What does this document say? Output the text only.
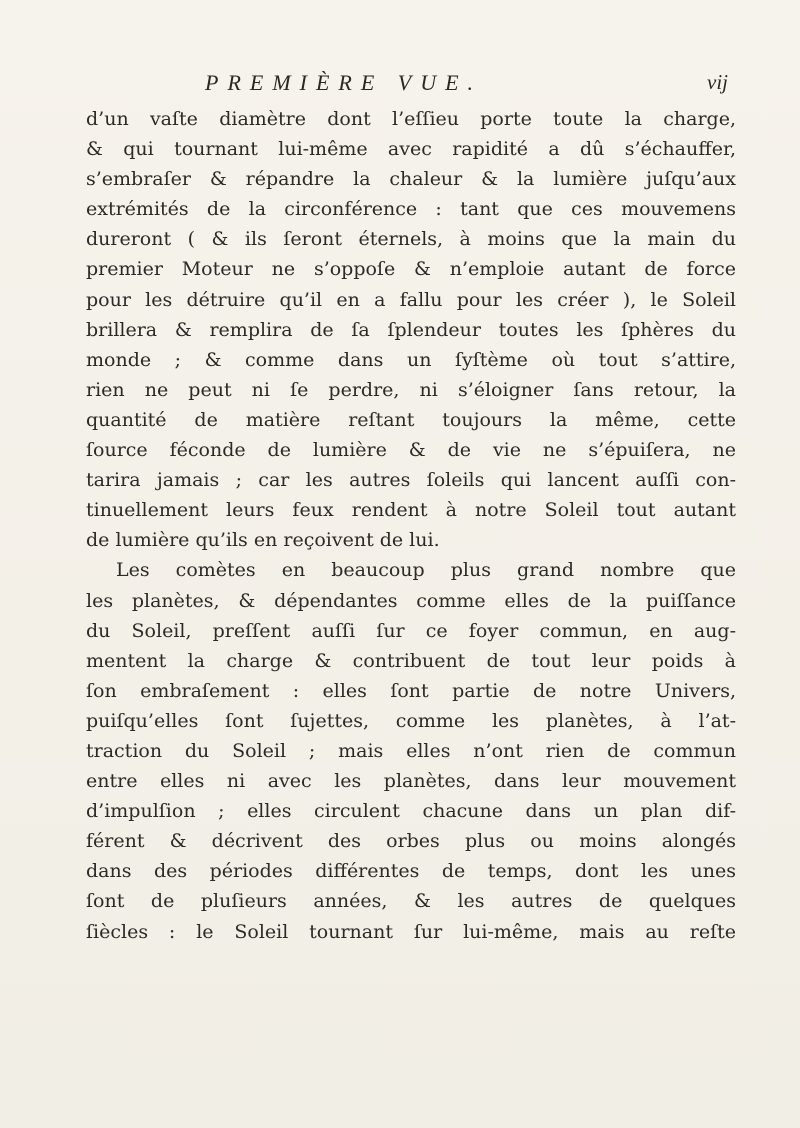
PREMIÈRE VUE.	vij
d’un vaſte diamètre dont l’eſſieu porte toute la charge,
& qui tournant lui-même avec rapidité a dû s’échauffer,
s’embraſer & répandre la chaleur & la lumière juſqu’aux
extrémités de la circonférence : tant que ces mouvemens
dureront ( & ils ſeront éternels, à moins que la main du
premier Moteur ne s’oppoſe & n’emploie autant de force
pour les détruire qu’il en a fallu pour les créer ), le Soleil
brillera & remplira de ſa ſplendeur toutes les ſphères du
monde ; & comme dans un ſyſtème où tout s’attire,
rien ne peut ni ſe perdre, ni s’éloigner ſans retour, la
quantité de matière reſtant toujours la même, cette
ſource féconde de lumière & de vie ne s’épuiſera, ne
tarira jamais ; car les autres ſoleils qui lancent auſſi con-
tinuellement leurs feux rendent à notre Soleil tout autant
de lumière qu’ils en reçoivent de lui.
Les comètes en beaucoup plus grand nombre que
les planètes, & dépendantes comme elles de la puiſſance
du Soleil, preſſent auſſi ſur ce foyer commun, en aug-
mentent la charge & contribuent de tout leur poids à
ſon embraſement : elles ſont partie de notre Univers,
puiſqu’elles ſont ſujettes, comme les planètes, à l’at-
traction du Soleil ; mais elles n’ont rien de commun
entre elles ni avec les planètes, dans leur mouvement
d’impulſion ; elles circulent chacune dans un plan dif-
férent & décrivent des orbes plus ou moins alongés
dans des périodes différentes de temps, dont les unes
ſont de pluſieurs années, & les autres de quelques
ſiècles : le Soleil tournant ſur lui-même, mais au reſte
